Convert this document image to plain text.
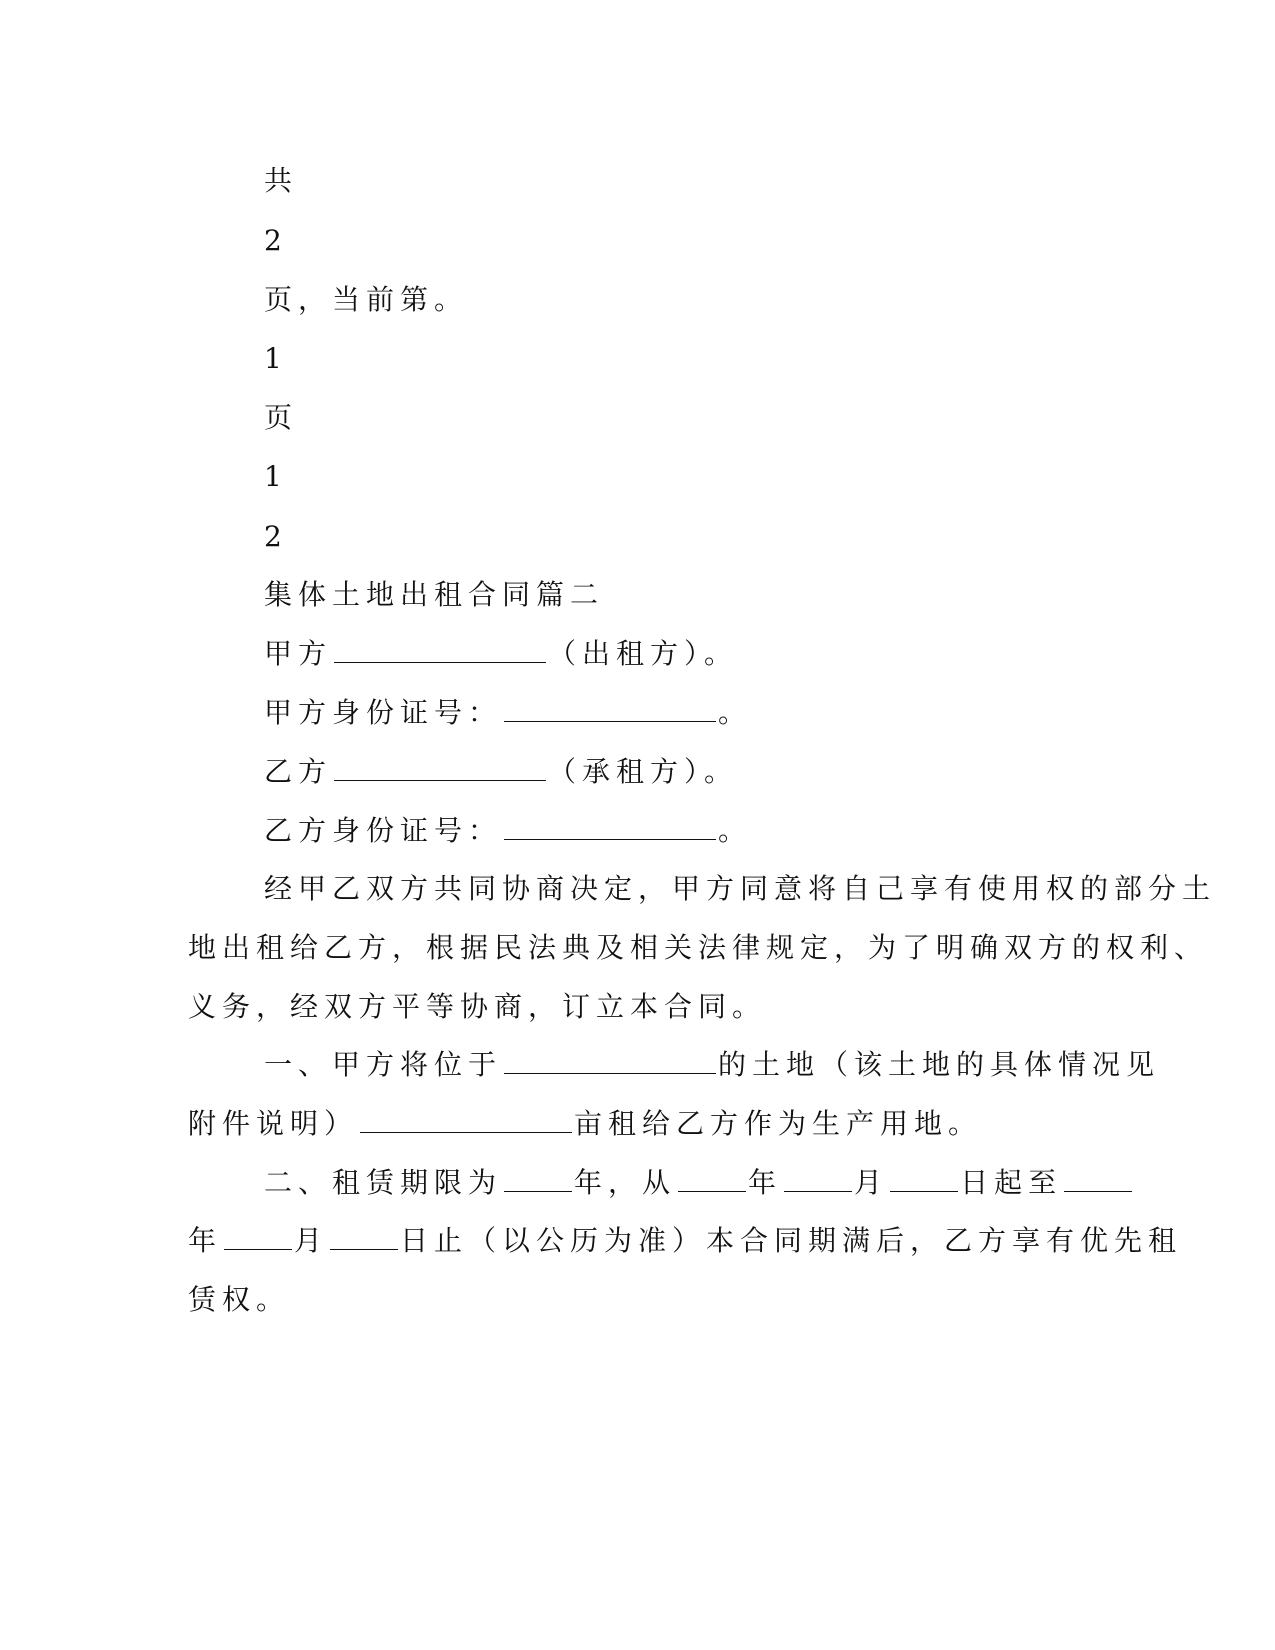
共
2
页，当前第。
1
页
1
2
集体土地出租合同篇二
甲方	（出租方）。
甲方身份证号：	。
乙方	（承租方）。
乙方身份证号：	。
经甲乙双方共同协商决定，甲方同意将自己享有使用权的部分土
地出租给乙方，根据民法典及相关法律规定，为了明确双方的权利、
义务，经双方平等协商，订立本合同。
一、甲方将位于	的土地（该土地的具体情况见
附件说明）	亩租给乙方作为生产用地。
二、租赁期限为	年，从	年	月	日起至
年	月	日止（以公历为准）本合同期满后，乙方享有优先租
赁权。
